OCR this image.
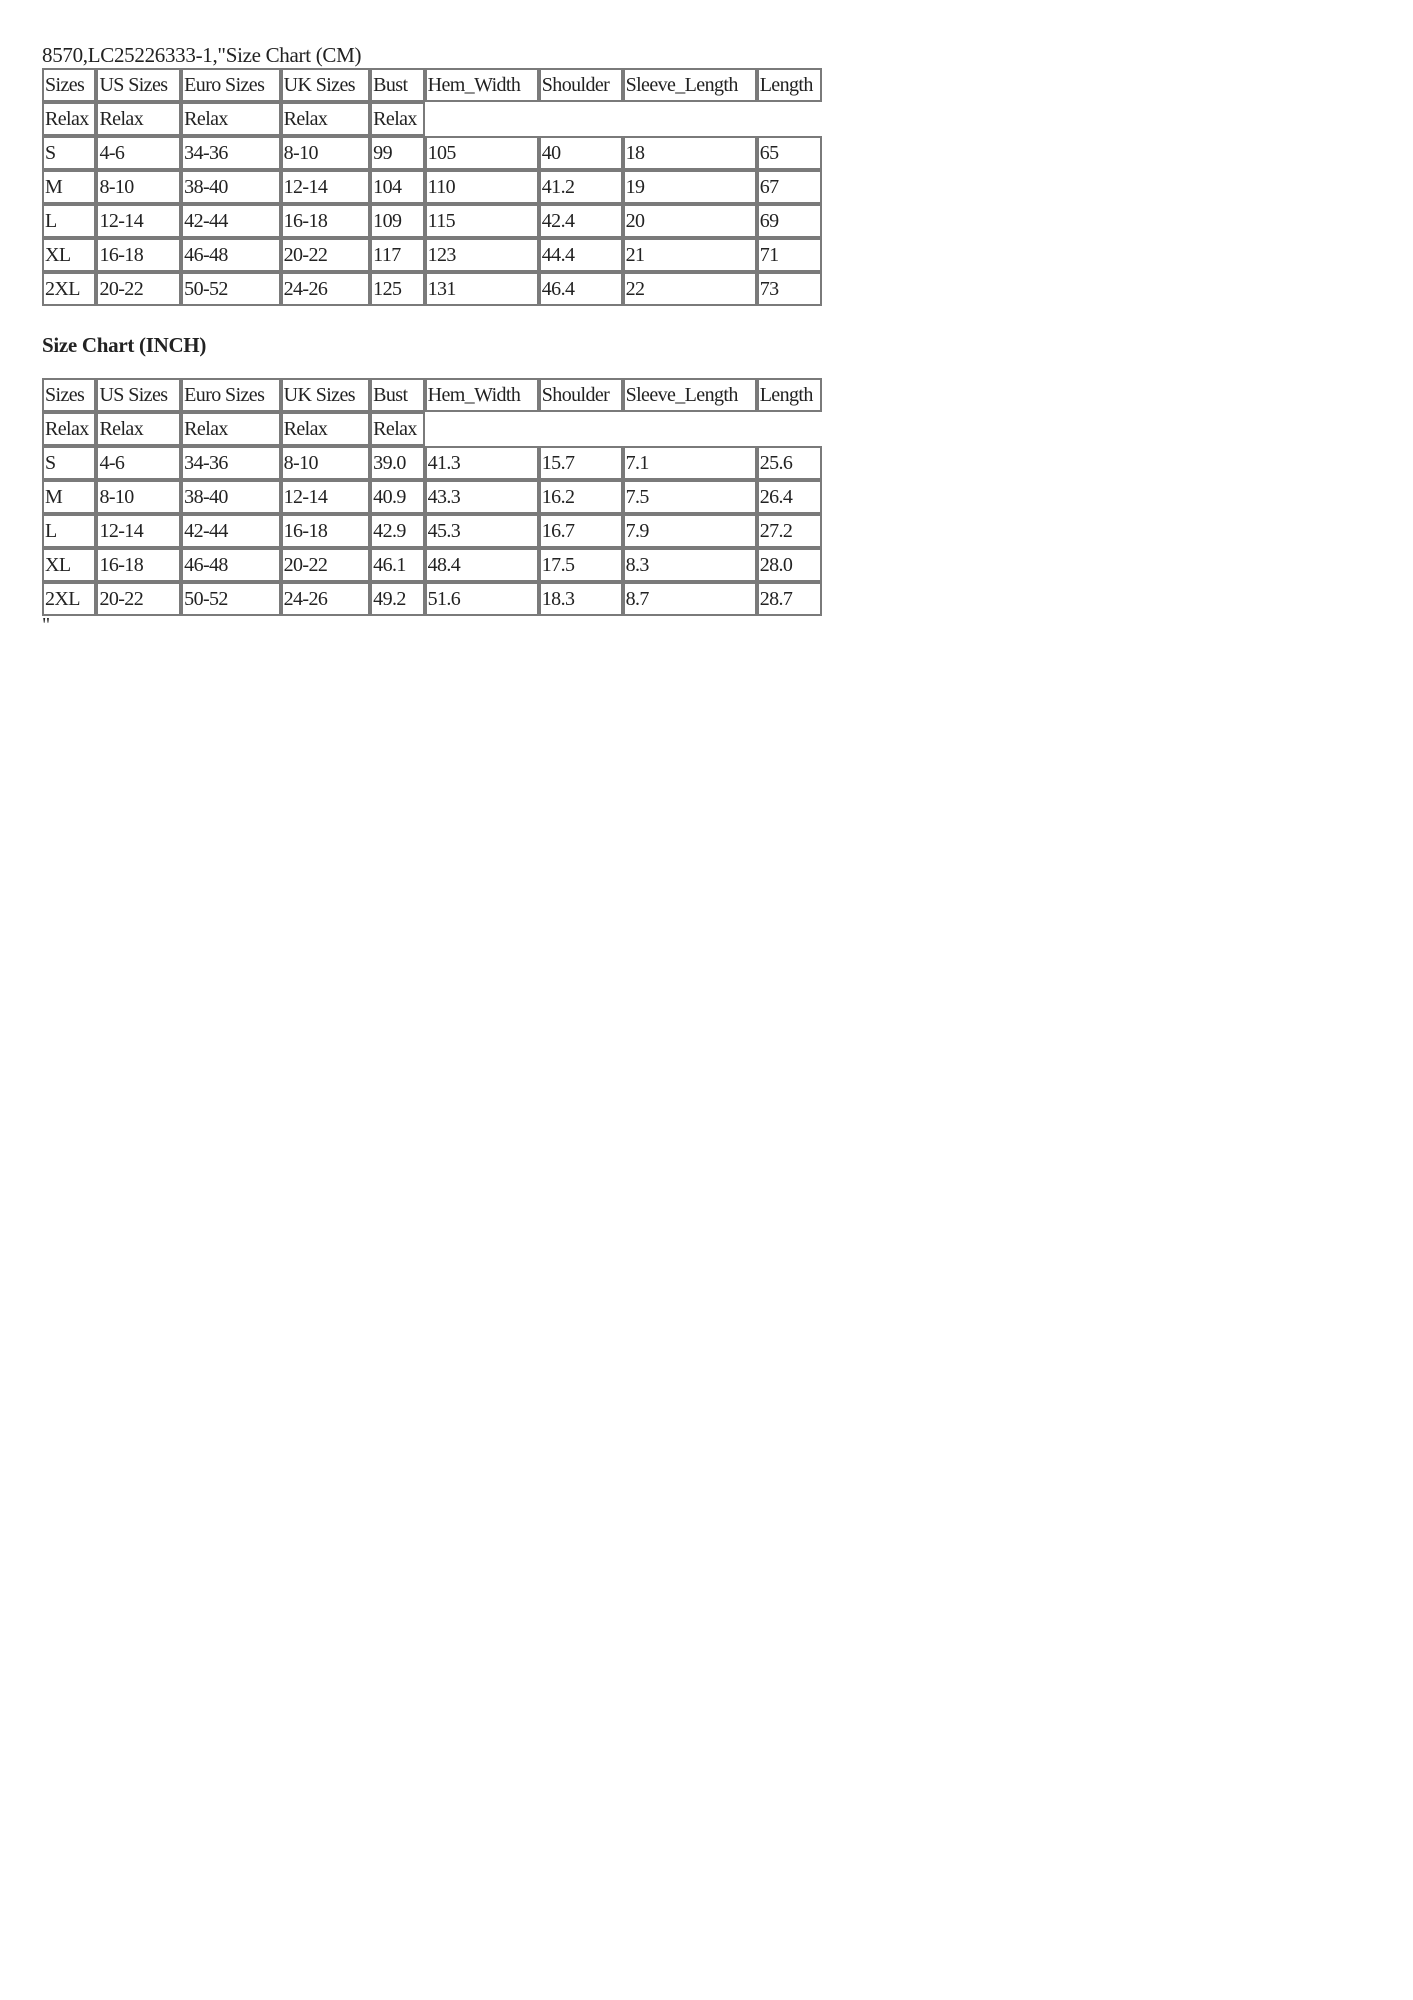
8570,LC25226333-1,"Size Chart (CM)

Sizes	US Sizes	Euro Sizes	UK Sizes	Bust	Hem_Width	Shoulder	Sleeve_Length	Length
Relax	Relax	Relax	Relax	Relax				
S	4-6	34-36	8-10	99	105	40	18	65
M	8-10	38-40	12-14	104	110	41.2	19	67
L	12-14	42-44	16-18	109	115	42.4	20	69
XL	16-18	46-48	20-22	117	123	44.4	21	71
2XL	20-22	50-52	24-26	125	131	46.4	22	73

Size Chart (INCH)

Sizes	US Sizes	Euro Sizes	UK Sizes	Bust	Hem_Width	Shoulder	Sleeve_Length	Length
Relax	Relax	Relax	Relax	Relax				
S	4-6	34-36	8-10	39.0	41.3	15.7	7.1	25.6
M	8-10	38-40	12-14	40.9	43.3	16.2	7.5	26.4
L	12-14	42-44	16-18	42.9	45.3	16.7	7.9	27.2
XL	16-18	46-48	20-22	46.1	48.4	17.5	8.3	28.0
2XL	20-22	50-52	24-26	49.2	51.6	18.3	8.7	28.7

"
